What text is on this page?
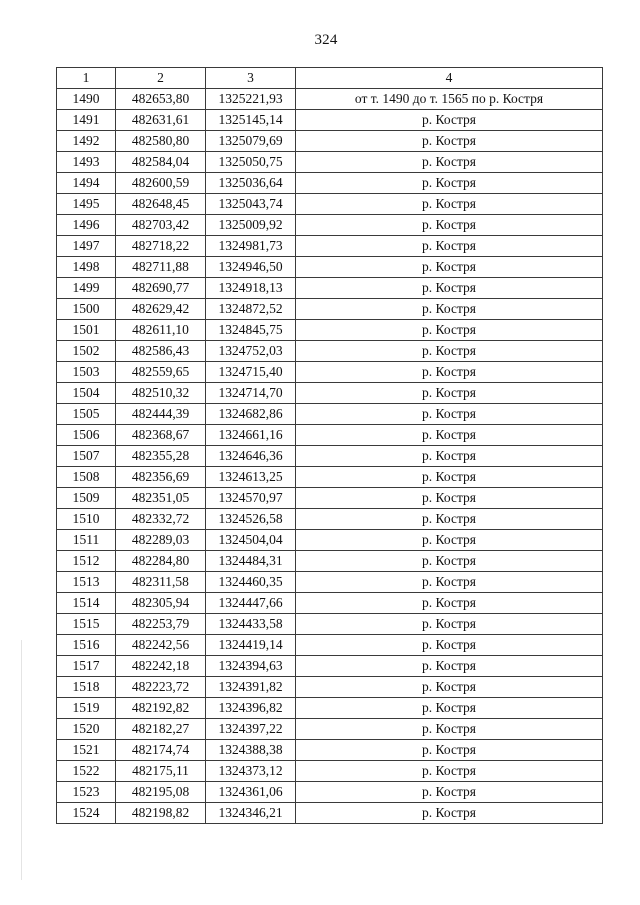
324
1	2	3	4
1490	482653,80	1325221,93	от т. 1490 до т. 1565 по р. Костря
1491	482631,61	1325145,14	р. Костря
1492	482580,80	1325079,69	р. Костря
1493	482584,04	1325050,75	р. Костря
1494	482600,59	1325036,64	р. Костря
1495	482648,45	1325043,74	р. Костря
1496	482703,42	1325009,92	р. Костря
1497	482718,22	1324981,73	р. Костря
1498	482711,88	1324946,50	р. Костря
1499	482690,77	1324918,13	р. Костря
1500	482629,42	1324872,52	р. Костря
1501	482611,10	1324845,75	р. Костря
1502	482586,43	1324752,03	р. Костря
1503	482559,65	1324715,40	р. Костря
1504	482510,32	1324714,70	р. Костря
1505	482444,39	1324682,86	р. Костря
1506	482368,67	1324661,16	р. Костря
1507	482355,28	1324646,36	р. Костря
1508	482356,69	1324613,25	р. Костря
1509	482351,05	1324570,97	р. Костря
1510	482332,72	1324526,58	р. Костря
1511	482289,03	1324504,04	р. Костря
1512	482284,80	1324484,31	р. Костря
1513	482311,58	1324460,35	р. Костря
1514	482305,94	1324447,66	р. Костря
1515	482253,79	1324433,58	р. Костря
1516	482242,56	1324419,14	р. Костря
1517	482242,18	1324394,63	р. Костря
1518	482223,72	1324391,82	р. Костря
1519	482192,82	1324396,82	р. Костря
1520	482182,27	1324397,22	р. Костря
1521	482174,74	1324388,38	р. Костря
1522	482175,11	1324373,12	р. Костря
1523	482195,08	1324361,06	р. Костря
1524	482198,82	1324346,21	р. Костря
